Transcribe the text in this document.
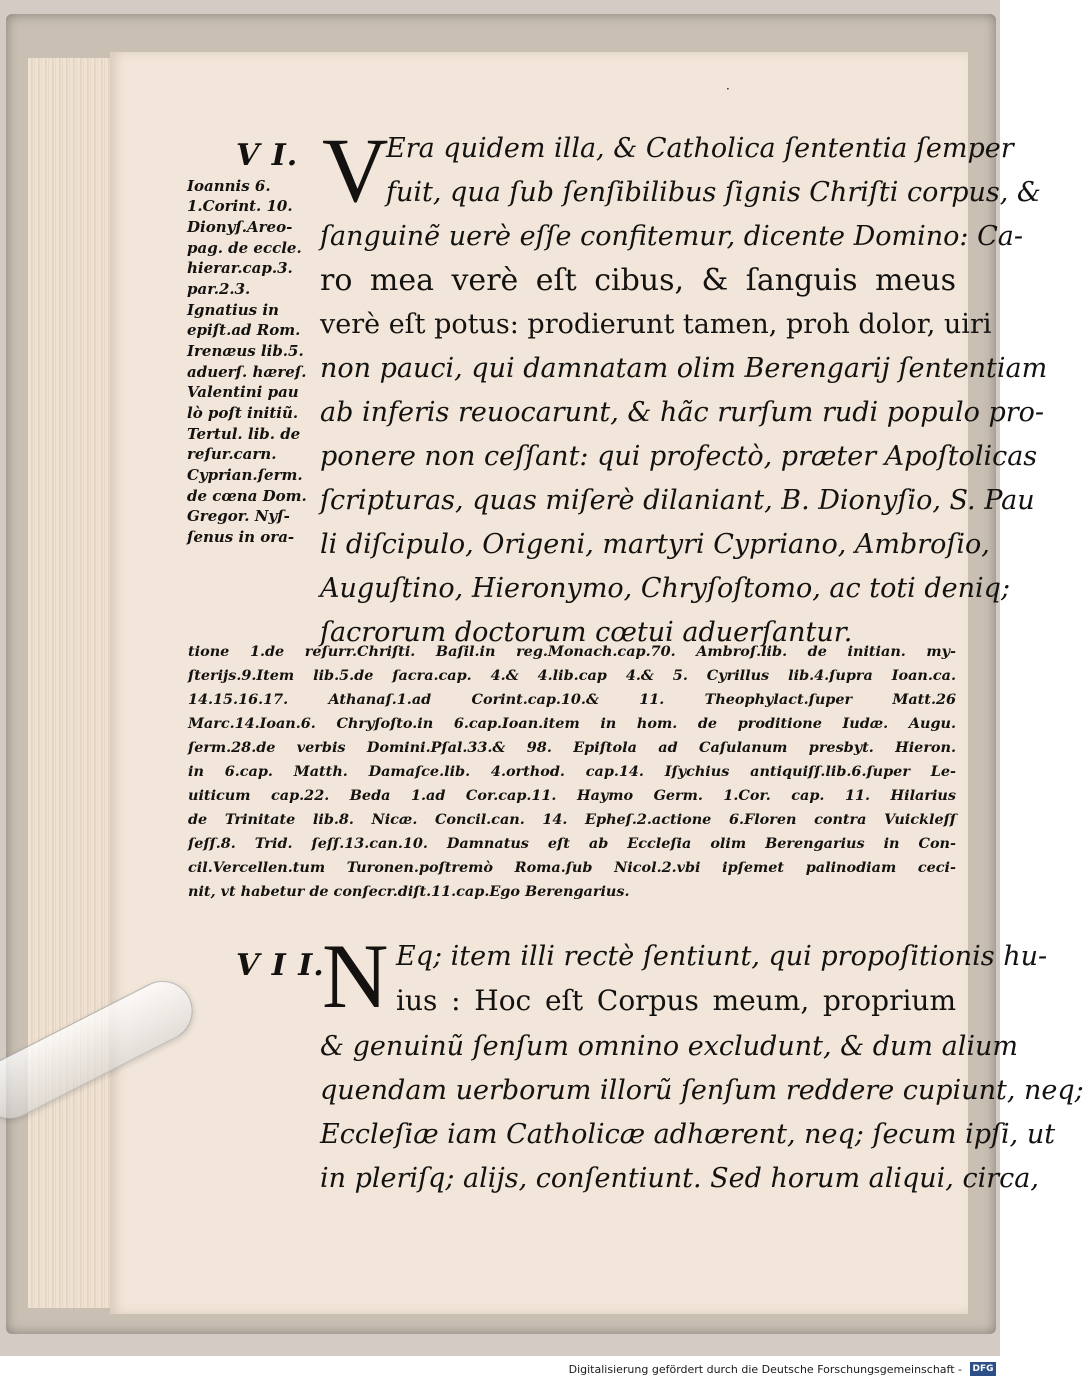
·
V I. V
Era quidem illa, & Catholica ſententia ſemper
fuit, qua ſub ſenſibilibus ſignis Chriſti corpus, &
ſanguinẽ uerè eſſe confitemur, dicente Domino: Ca-
ro mea verè eſt cibus, & ſanguis meus
verè eſt potus: prodierunt tamen, proh dolor, uiri
non pauci, qui damnatam olim Berengarij ſententiam
ab inferis reuocarunt, & hãc rurſum rudi populo pro-
ponere non ceſſant: qui profectò, præter Apoſtolicas
ſcripturas, quas miſerè dilaniant, B. Dionyſio, S. Pau
li diſcipulo, Origeni, martyri Cypriano, Ambroſio,
Auguſtino, Hieronymo, Chryſoſtomo, ac toti deniq;
ſacrorum doctorum cœtui aduerſantur.
Ioannis 6.
1.Corint. 10.
Dionyſ.Areo-
pag. de eccle.
hierar.cap.3.
par.2.3.
Ignatius in
epiſt.ad Rom.
Irenæus lib.5.
aduerſ. hæreſ.
Valentini pau
lò poſt initiũ.
Tertul. lib. de
reſur.carn.
Cyprian.ſerm.
de cœna Dom.
Gregor. Nyſ-
ſenus in ora-
tione 1.de reſurr.Chriſti. Baſil.in reg.Monach.cap.70. Ambroſ.lib. de initian. my-
ſterijs.9.Item lib.5.de ſacra.cap. 4.& 4.lib.cap 4.& 5. Cyrillus lib.4.ſupra Ioan.ca.
14.15.16.17. Athanaſ.1.ad Corint.cap.10.& 11. Theophylact.ſuper Matt.26
Marc.14.Ioan.6. Chryſoſto.in 6.cap.Ioan.item in hom. de proditione Iudæ. Augu.
ſerm.28.de verbis Domini.Pſal.33.& 98. Epiſtola ad Caſulanum presbyt. Hieron.
in 6.cap. Matth. Damaſce.lib. 4.orthod. cap.14. Iſychius antiquiſſ.lib.6.ſuper Le-
uiticum cap.22. Beda 1.ad Cor.cap.11. Haymo Germ. 1.Cor. cap. 11. Hilarius
de Trinitate lib.8. Nicæ. Concil.can. 14. Epheſ.2.actione 6.Floren contra Vuickleſſ
ſeſſ.8. Trid. ſeſſ.13.can.10. Damnatus eſt ab Eccleſia olim Berengarius in Con-
cil.Vercellen.tum Turonen.poſtremò Roma.ſub Nicol.2.vbi ipſemet palinodiam ceci-
nit, vt habetur de conſecr.diſt.11.cap.Ego Berengarius.
V I I.
N Eq; item illi rectè ſentiunt, qui propoſitionis hu-
ius : Hoc eſt Corpus meum, proprium
& genuinũ ſenſum omnino excludunt, & dum alium
quendam uerborum illorũ ſenſum reddere cupiunt, neq;
Eccleſiæ iam Catholicæ adhærent, neq; ſecum ipſi, ut
in pleriſq; alijs, conſentiunt. Sed horum aliqui, circa,
Digitalisierung gefördert durch die Deutsche Forschungsgemeinschaft - DFG
